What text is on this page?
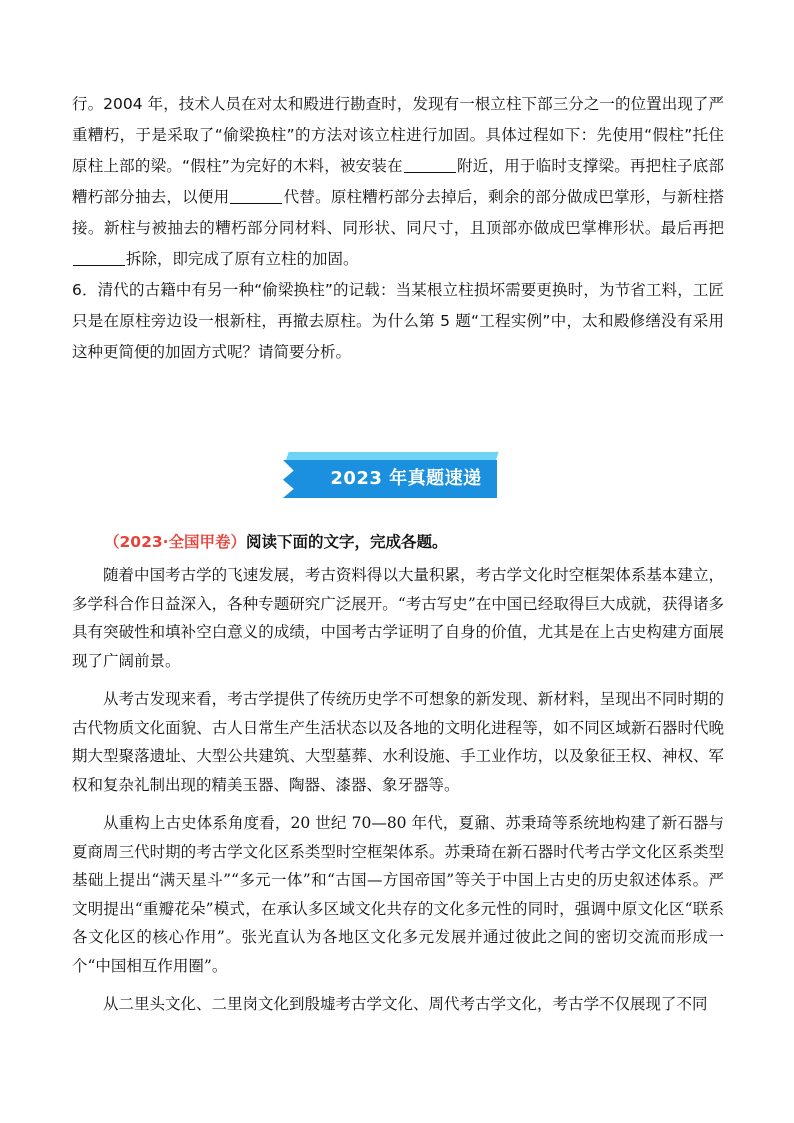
行。2004 年，技术人员在对太和殿进行勘查时，发现有一根立柱下部三分之一的位置出现了严重糟朽，于是采取了“偷梁换柱”的方法对该立柱进行加固。具体过程如下：先使用“假柱”托住原柱上部的梁。“假柱”为完好的木料，被安装在	附近，用于临时支撑梁。再把柱子底部糟朽部分抽去，以便用	代替。原柱糟朽部分去掉后，剩余的部分做成巴掌形，与新柱搭接。新柱与被抽去的糟朽部分同材料、同形状、同尺寸，且顶部亦做成巴掌榫形状。最后再把拆除，即完成了原有立柱的加固。

6．清代的古籍中有另一种“偷梁换柱”的记载：当某根立柱损坏需要更换时，为节省工料，工匠只是在原柱旁边设一根新柱，再撤去原柱。为什么第 5 题“工程实例”中，太和殿修缮没有采用这种更简便的加固方式呢？请简要分析。

2023 年真题速递

（2023·全国甲卷）阅读下面的文字，完成各题。

随着中国考古学的飞速发展，考古资料得以大量积累，考古学文化时空框架体系基本建立，多学科合作日益深入，各种专题研究广泛展开。“考古写史”在中国已经取得巨大成就，获得诸多具有突破性和填补空白意义的成绩，中国考古学证明了自身的价值，尤其是在上古史构建方面展现了广阔前景。

从考古发现来看，考古学提供了传统历史学不可想象的新发现、新材料，呈现出不同时期的古代物质文化面貌、古人日常生产生活状态以及各地的文明化进程等，如不同区域新石器时代晚期大型聚落遗址、大型公共建筑、大型墓葬、水利设施、手工业作坊，以及象征王权、神权、军权和复杂礼制出现的精美玉器、陶器、漆器、象牙器等。

从重构上古史体系角度看，20 世纪 70—80 年代，夏鼐、苏秉琦等系统地构建了新石器与夏商周三代时期的考古学文化区系类型时空框架体系。苏秉琦在新石器时代考古学文化区系类型基础上提出“满天星斗”“多元一体”和“古国—方国帝国”等关于中国上古史的历史叙述体系。严文明提出“重瓣花朵”模式，在承认多区域文化共存的文化多元性的同时，强调中原文化区“联系各文化区的核心作用”。张光直认为各地区文化多元发展并通过彼此之间的密切交流而形成一个“中国相互作用圈”。

从二里头文化、二里岗文化到殷墟考古学文化、周代考古学文化，考古学不仅展现了不同
